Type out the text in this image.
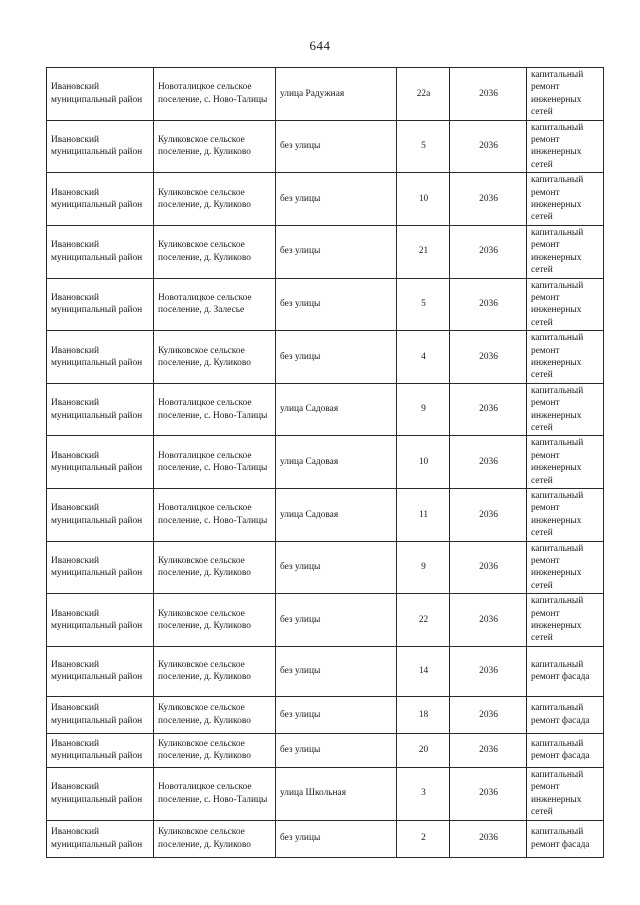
644
Ивановский муниципальный район	Новоталицкое сельское поселение, с. Ново-Талицы	улица Радужная	22а	2036	капитальный ремонт инженерных сетей
Ивановский муниципальный район	Куликовское сельское поселение, д. Куликово	без улицы	5	2036	капитальный ремонт инженерных сетей
Ивановский муниципальный район	Куликовское сельское поселение, д. Куликово	без улицы	10	2036	капитальный ремонт инженерных сетей
Ивановский муниципальный район	Куликовское сельское поселение, д. Куликово	без улицы	21	2036	капитальный ремонт инженерных сетей
Ивановский муниципальный район	Новоталицкое сельское поселение, д. Залесье	без улицы	5	2036	капитальный ремонт инженерных сетей
Ивановский муниципальный район	Куликовское сельское поселение, д. Куликово	без улицы	4	2036	капитальный ремонт инженерных сетей
Ивановский муниципальный район	Новоталицкое сельское поселение, с. Ново-Талицы	улица Садовая	9	2036	капитальный ремонт инженерных сетей
Ивановский муниципальный район	Новоталицкое сельское поселение, с. Ново-Талицы	улица Садовая	10	2036	капитальный ремонт инженерных сетей
Ивановский муниципальный район	Новоталицкое сельское поселение, с. Ново-Талицы	улица Садовая	11	2036	капитальный ремонт инженерных сетей
Ивановский муниципальный район	Куликовское сельское поселение, д. Куликово	без улицы	9	2036	капитальный ремонт инженерных сетей
Ивановский муниципальный район	Куликовское сельское поселение, д. Куликово	без улицы	22	2036	капитальный ремонт инженерных сетей
Ивановский муниципальный район	Куликовское сельское поселение, д. Куликово	без улицы	14	2036	капитальный ремонт фасада
Ивановский муниципальный район	Куликовское сельское поселение, д. Куликово	без улицы	18	2036	капитальный ремонт фасада
Ивановский муниципальный район	Куликовское сельское поселение, д. Куликово	без улицы	20	2036	капитальный ремонт фасада
Ивановский муниципальный район	Новоталицкое сельское поселение, с. Ново-Талицы	улица Школьная	3	2036	капитальный ремонт инженерных сетей
Ивановский муниципальный район	Куликовское сельское поселение, д. Куликово	без улицы	2	2036	капитальный ремонт фасада
